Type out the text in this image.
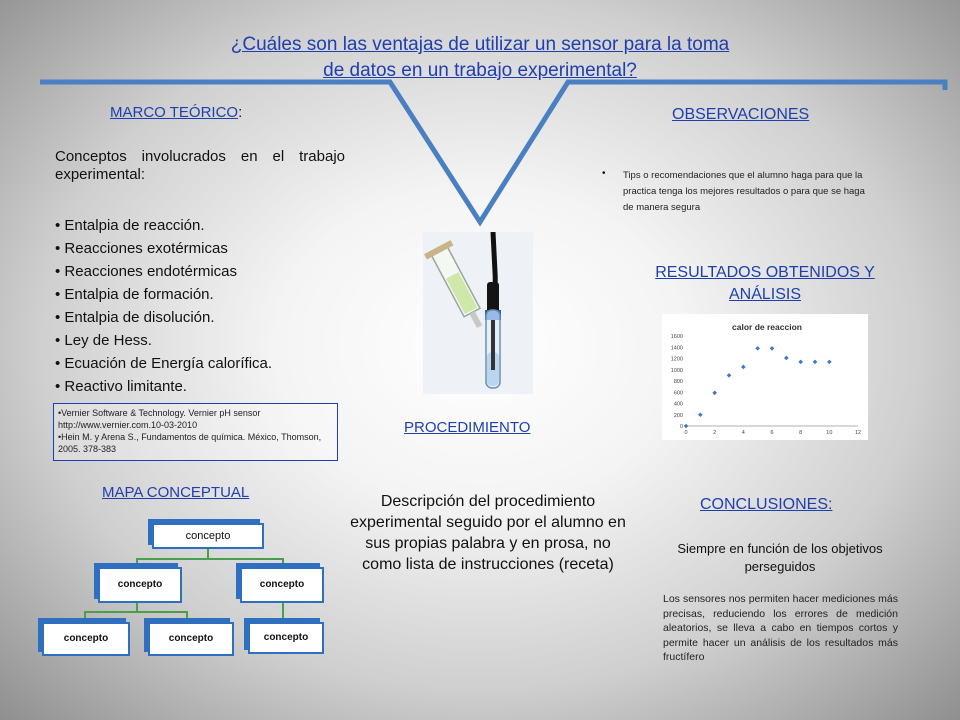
¿Cuáles son las ventajas de utilizar un sensor para la toma de datos en un trabajo experimental?
MARCO TEÓRICO:
Conceptos involucrados en el trabajo experimental:
• Entalpia de reacción.
• Reacciones exotérmicas
• Reacciones endotérmicas
• Entalpia de formación.
• Entalpia de disolución.
• Ley de Hess.
• Ecuación de Energía calorífica.
• Reactivo limitante.
• Vernier Software & Technology. Vernier pH sensor http://www.vernier.com.10-03-2010
• Hein M. y Arena S., Fundamentos de química. México, Thomson, 2005. 378-383
MAPA CONCEPTUAL
concepto
concepto	concepto
concepto	concepto	concepto
PROCEDIMIENTO
Descripción del procedimiento experimental seguido por el alumno en sus propias palabra y en prosa, no como lista de instrucciones (receta)
OBSERVACIONES
• Tips o recomendaciones que el alumno haga para que la practica tenga los mejores resultados o para que se haga de manera segura
RESULTADOS OBTENIDOS Y ANÁLISIS
calor de reaccion
0
200
400
600
800
1000
1200
1400
1600
0	2	4	6	8	10	12
CONCLUSIONES:
Siempre en función de los objetivos perseguidos
Los sensores nos permiten hacer mediciones más precisas, reduciendo los errores de medición aleatorios, se lleva a cabo en tiempos cortos y permite hacer un análisis de los resultados más fructífero
